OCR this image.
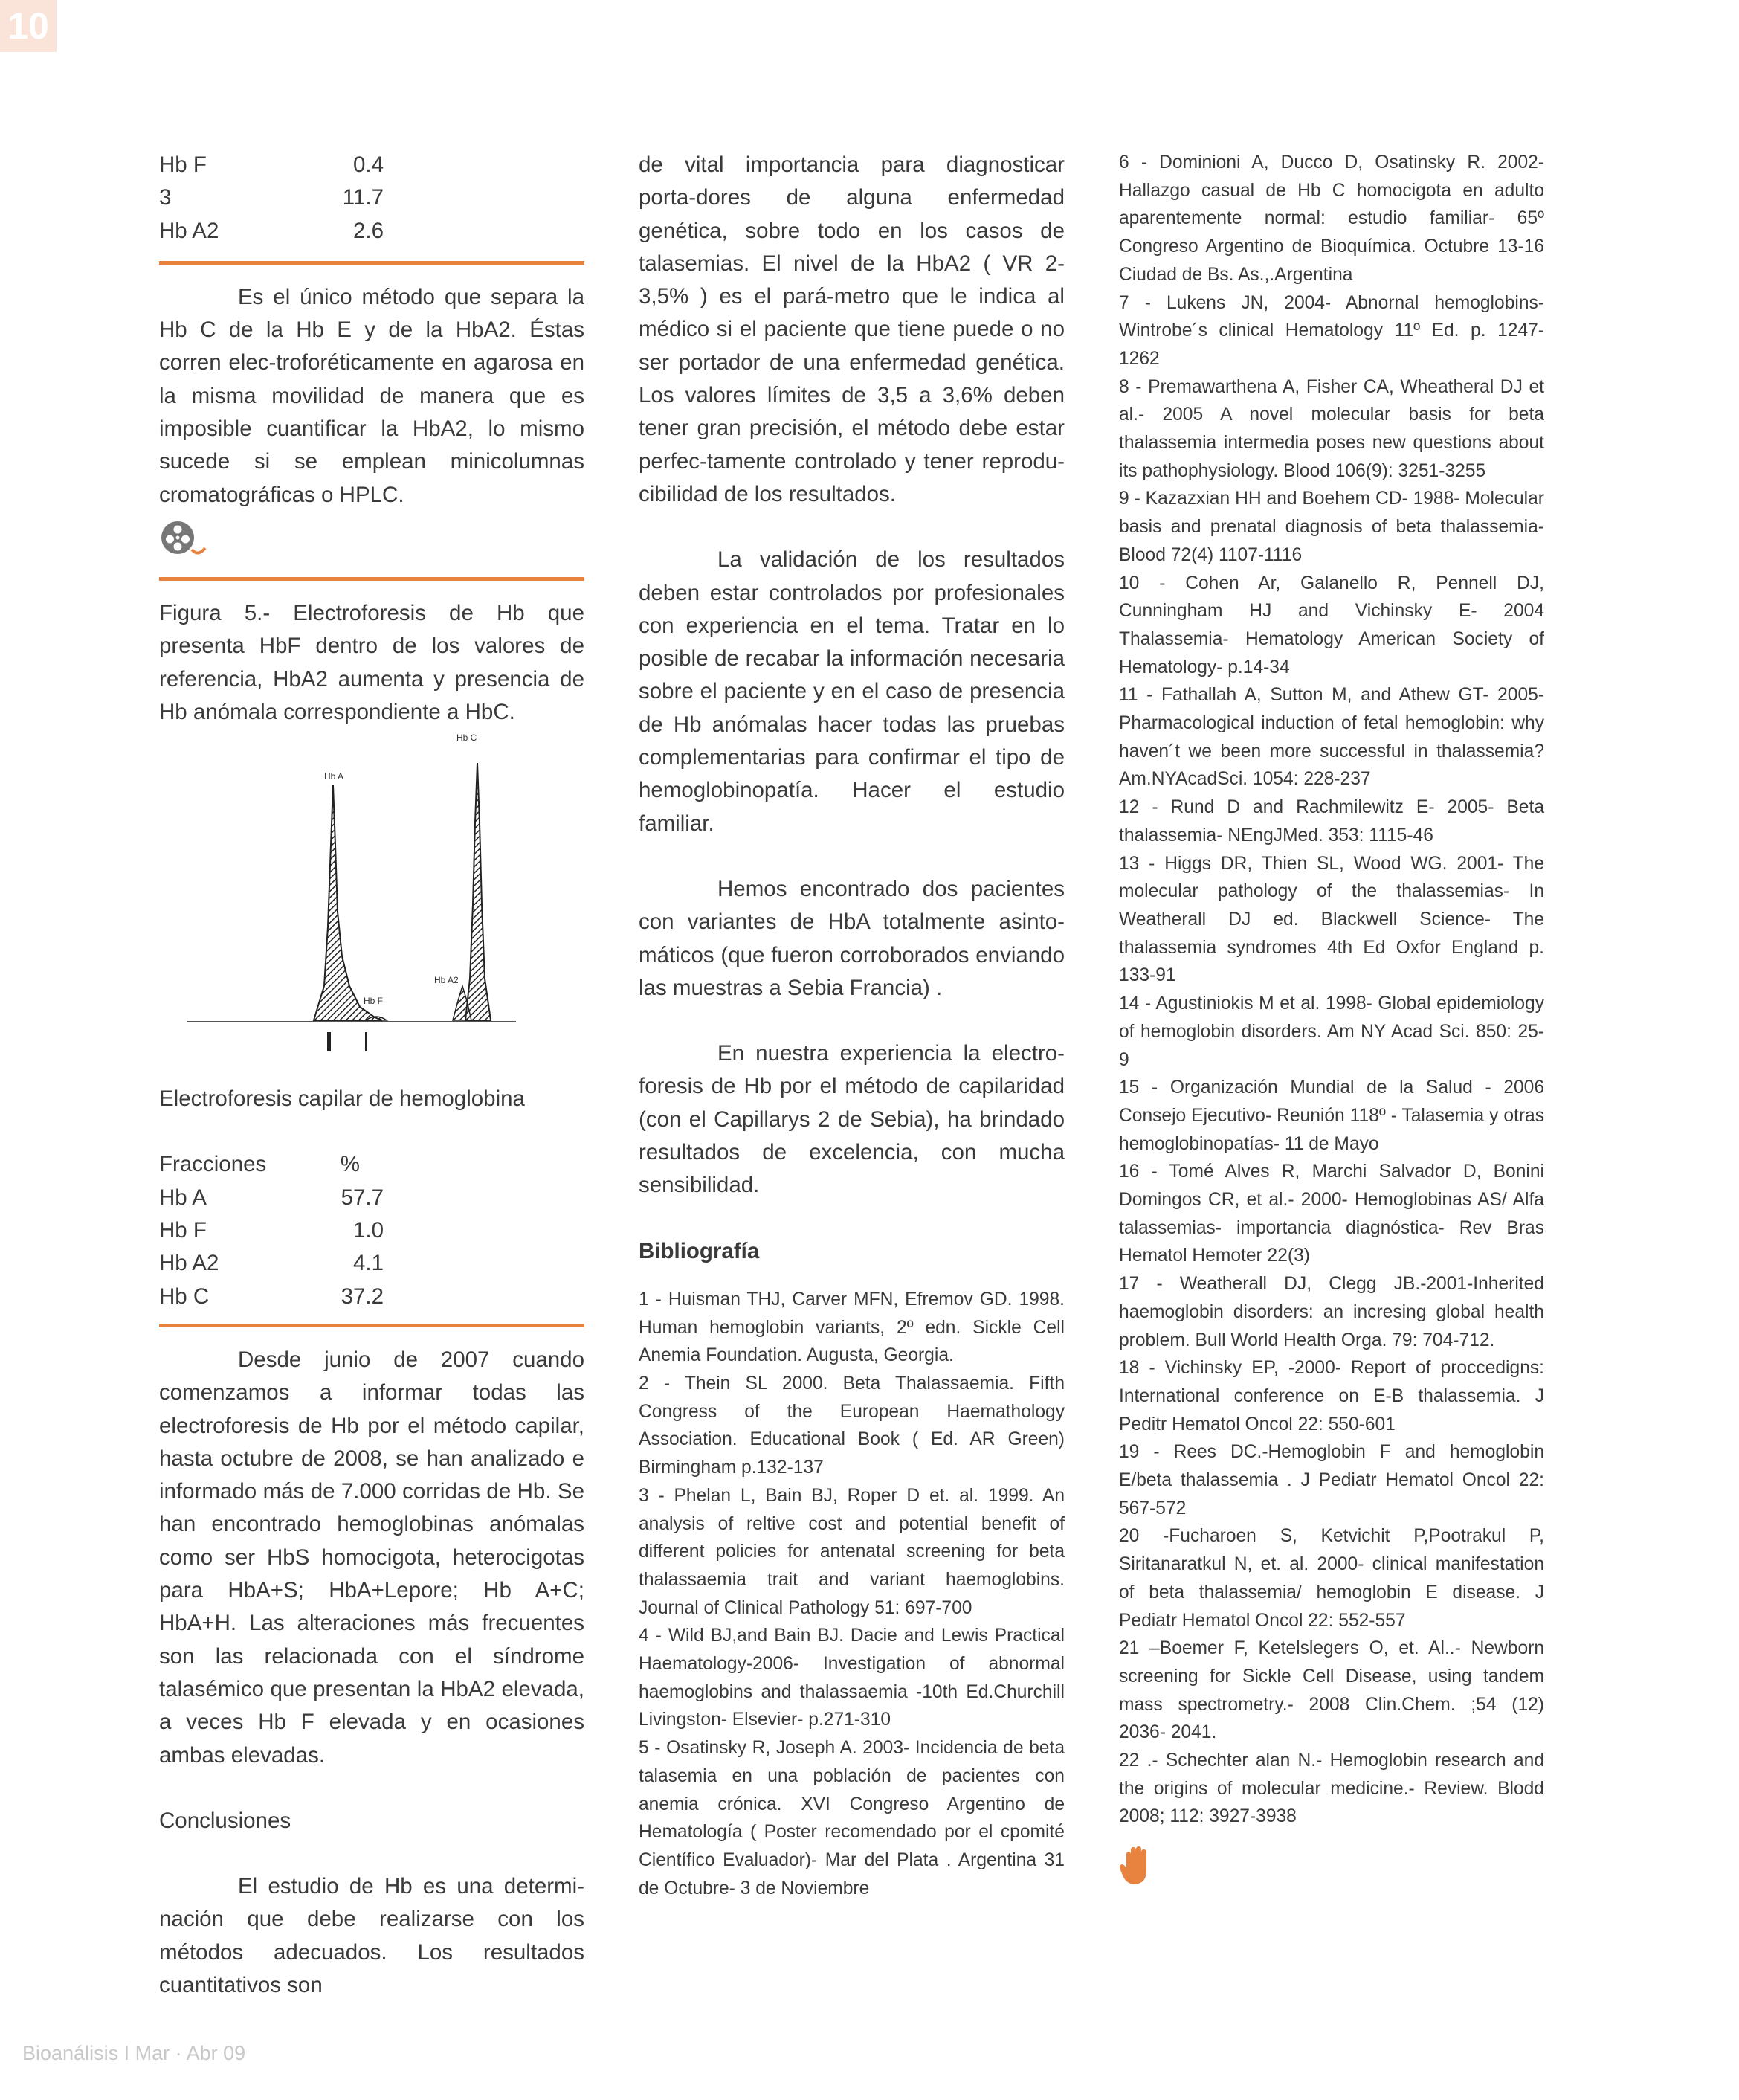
10
Hb F	0.4
3	11.7
Hb A2	2.6

Es el único método que separa la Hb C de la Hb E y de la HbA2. Éstas corren elec-troforéticamente en agarosa en la misma movilidad de manera que es imposible cuantificar la HbA2, lo mismo sucede si se emplean minicolumnas cromatográficas o HPLC.

Figura 5.- Electroforesis de Hb que presenta HbF dentro de los valores de referencia, HbA2 aumenta y presencia de Hb anómala correspondiente a HbC.

Hb A
Hb C
Hb F
Hb A2

Electroforesis capilar de hemoglobina

Fracciones	%
Hb A	57.7
Hb F	1.0
Hb A2	4.1
Hb C	37.2

Desde junio de 2007 cuando comenzamos a informar todas las electroforesis de Hb por el método capilar, hasta octubre de 2008, se han analizado e informado más de 7.000 corridas de Hb. Se han encontrado hemoglobinas anómalas como ser HbS homocigota, heterocigotas para HbA+S; HbA+Lepore; Hb A+C; HbA+H. Las alteraciones más frecuentes son las relacionada con el síndrome talasémico que presentan la HbA2 elevada, a veces Hb F elevada y en ocasiones ambas elevadas.

Conclusiones

El estudio de Hb es una determi-nación que debe realizarse con los métodos adecuados. Los resultados cuantitativos son

de vital importancia para diagnosticar porta-dores de alguna enfermedad genética, sobre todo en los casos de talasemias. El nivel de la HbA2 ( VR 2-3,5% ) es el pará-metro que le indica al médico si el paciente que tiene puede o no ser portador de una enfermedad genética. Los valores límites de 3,5 a 3,6% deben tener gran precisión, el método debe estar perfec-tamente controlado y tener reprodu-cibilidad de los resultados.

La validación de los resultados deben estar controlados por profesionales con experiencia en el tema. Tratar en lo posible de recabar la información necesaria sobre el paciente y en el caso de presencia de Hb anómalas hacer todas las pruebas complementarias para confirmar el tipo de hemoglobinopatía. Hacer el estudio familiar.

Hemos encontrado dos pacientes con variantes de HbA totalmente asinto-máticos (que fueron corroborados enviando las muestras a Sebia Francia) .

En nuestra experiencia la electro-foresis de Hb por el método de capilaridad (con el Capillarys 2 de Sebia), ha brindado resultados de excelencia, con mucha sensibilidad.

Bibliografía

1 - Huisman THJ, Carver MFN, Efremov GD. 1998. Human hemoglobin variants, 2º edn. Sickle Cell Anemia Foundation. Augusta, Georgia.

2 - Thein SL 2000. Beta Thalassaemia. Fifth Congress of the European Haemathology Association. Educational Book ( Ed. AR Green) Birmingham p.132-137

3 - Phelan L, Bain BJ, Roper D et. al. 1999. An analysis of reltive cost and potential benefit of different policies for antenatal screening for beta thalassaemia trait and variant haemoglobins. Journal of Clinical Pathology 51: 697-700

4 - Wild BJ,and Bain BJ. Dacie and Lewis Practical Haematology-2006- Investigation of abnormal haemoglobins and thalassaemia -10th Ed.Churchill Livingston- Elsevier- p.271-310

5 - Osatinsky R, Joseph A. 2003- Incidencia de beta talasemia en una población de pacientes con anemia crónica. XVI Congreso Argentino de Hematología ( Poster recomendado por el cpomité Científico Evaluador)- Mar del Plata . Argentina 31 de Octubre- 3 de Noviembre

6 - Dominioni A, Ducco D, Osatinsky R. 2002- Hallazgo casual de Hb C homocigota en adulto aparentemente normal: estudio familiar- 65º Congreso Argentino de Bioquímica. Octubre 13-16 Ciudad de Bs. As.,.Argentina

7 - Lukens JN, 2004- Abnornal hemoglobins- Wintrobe´s clinical Hematology 11º Ed. p. 1247-1262

8 - Premawarthena A, Fisher CA, Wheatheral DJ et al.- 2005 A novel molecular basis for beta thalassemia intermedia poses new questions about its pathophysiology. Blood 106(9): 3251-3255

9 - Kazazxian HH and Boehem CD- 1988- Molecular basis and prenatal diagnosis of beta thalassemia- Blood 72(4) 1107-1116

10 - Cohen Ar, Galanello R, Pennell DJ, Cunningham HJ and Vichinsky E- 2004 Thalassemia- Hematology American Society of Hematology- p.14-34

11 - Fathallah A, Sutton M, and Athew GT- 2005- Pharmacological induction of fetal hemoglobin: why haven´t we been more successful in thalassemia? Am.NYAcadSci. 1054: 228-237

12 - Rund D and Rachmilewitz E- 2005- Beta thalassemia- NEngJMed. 353: 1115-46

13 - Higgs DR, Thien SL, Wood WG. 2001- The molecular pathology of the thalassemias- In Weatherall DJ ed. Blackwell Science- The thalassemia syndromes 4th Ed Oxfor England p. 133-91

14 - Agustiniokis M et al. 1998- Global epidemiology of hemoglobin disorders. Am NY Acad Sci. 850: 25-9

15 - Organización Mundial de la Salud - 2006 Consejo Ejecutivo- Reunión 118º - Talasemia y otras hemoglobinopatías- 11 de Mayo

16 - Tomé Alves R, Marchi Salvador D, Bonini Domingos CR, et al.- 2000- Hemoglobinas AS/ Alfa talassemias- importancia diagnóstica- Rev Bras Hematol Hemoter 22(3)

17 - Weatherall DJ, Clegg JB.-2001-Inherited haemoglobin disorders: an incresing global health problem. Bull World Health Orga. 79: 704-712.

18 - Vichinsky EP, -2000- Report of proccedigns: International conference on E-B thalassemia. J Peditr Hematol Oncol 22: 550-601

19 - Rees DC.-Hemoglobin F and hemoglobin E/beta thalassemia . J Pediatr Hematol Oncol 22: 567-572

20 -Fucharoen S, Ketvichit P,Pootrakul P, Siritanaratkul N, et. al. 2000- clinical manifestation of beta thalassemia/ hemoglobin E disease. J Pediatr Hematol Oncol 22: 552-557

21 –Boemer F, Ketelslegers O, et. Al..- Newborn screening for Sickle Cell Disease, using tandem mass spectrometry.- 2008 Clin.Chem. ;54 (12) 2036- 2041.

22 .- Schechter alan N.- Hemoglobin research and the origins of molecular medicine.- Review. Blodd 2008; 112: 3927-3938

Bioanálisis I Mar · Abr 09
